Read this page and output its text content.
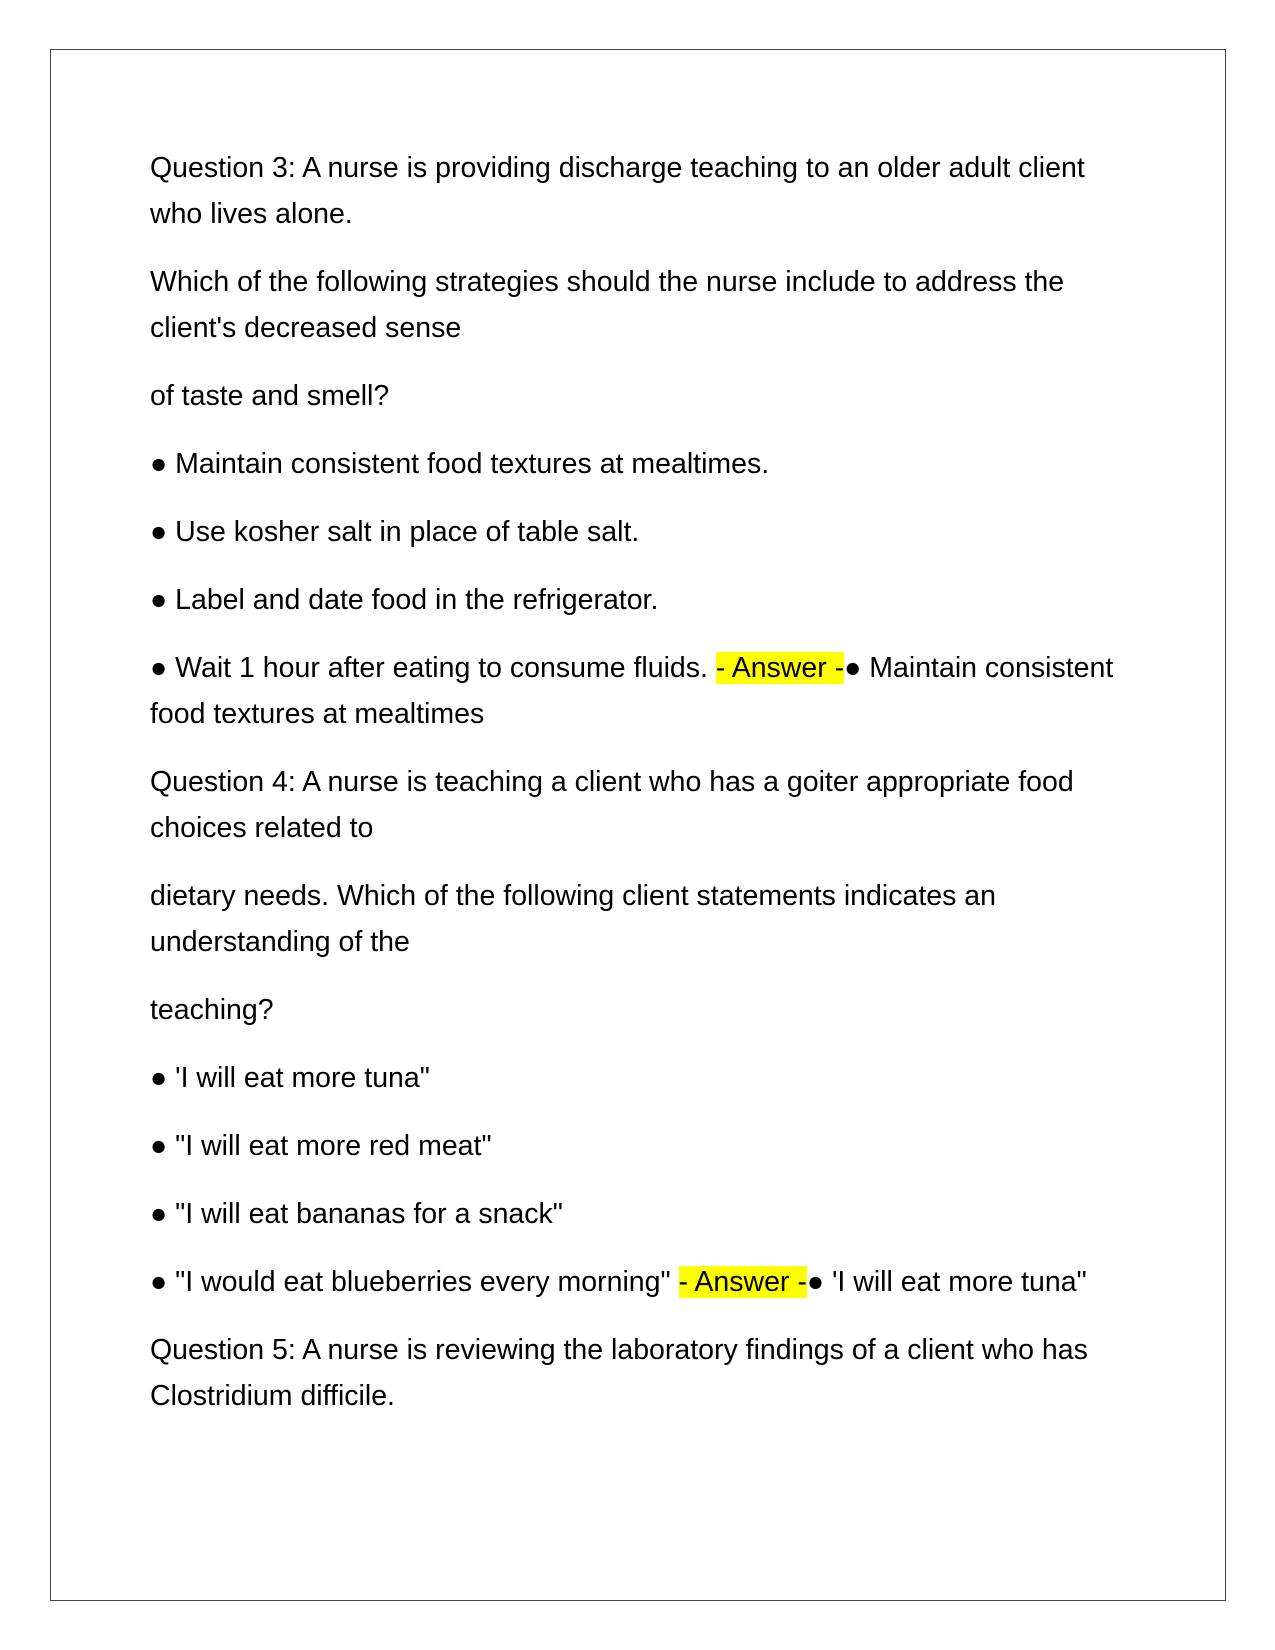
Question 3: A nurse is providing discharge teaching to an older adult client who lives alone.

Which of the following strategies should the nurse include to address the client's decreased sense

of taste and smell?

● Maintain consistent food textures at mealtimes.

● Use kosher salt in place of table salt.

● Label and date food in the refrigerator.

● Wait 1 hour after eating to consume fluids. - Answer -● Maintain consistent food textures at mealtimes

Question 4: A nurse is teaching a client who has a goiter appropriate food choices related to

dietary needs. Which of the following client statements indicates an understanding of the

teaching?

● 'I will eat more tuna"

● "I will eat more red meat"

● "I will eat bananas for a snack"

● "I would eat blueberries every morning" - Answer -● 'I will eat more tuna"

Question 5: A nurse is reviewing the laboratory findings of a client who has Clostridium difficile.
